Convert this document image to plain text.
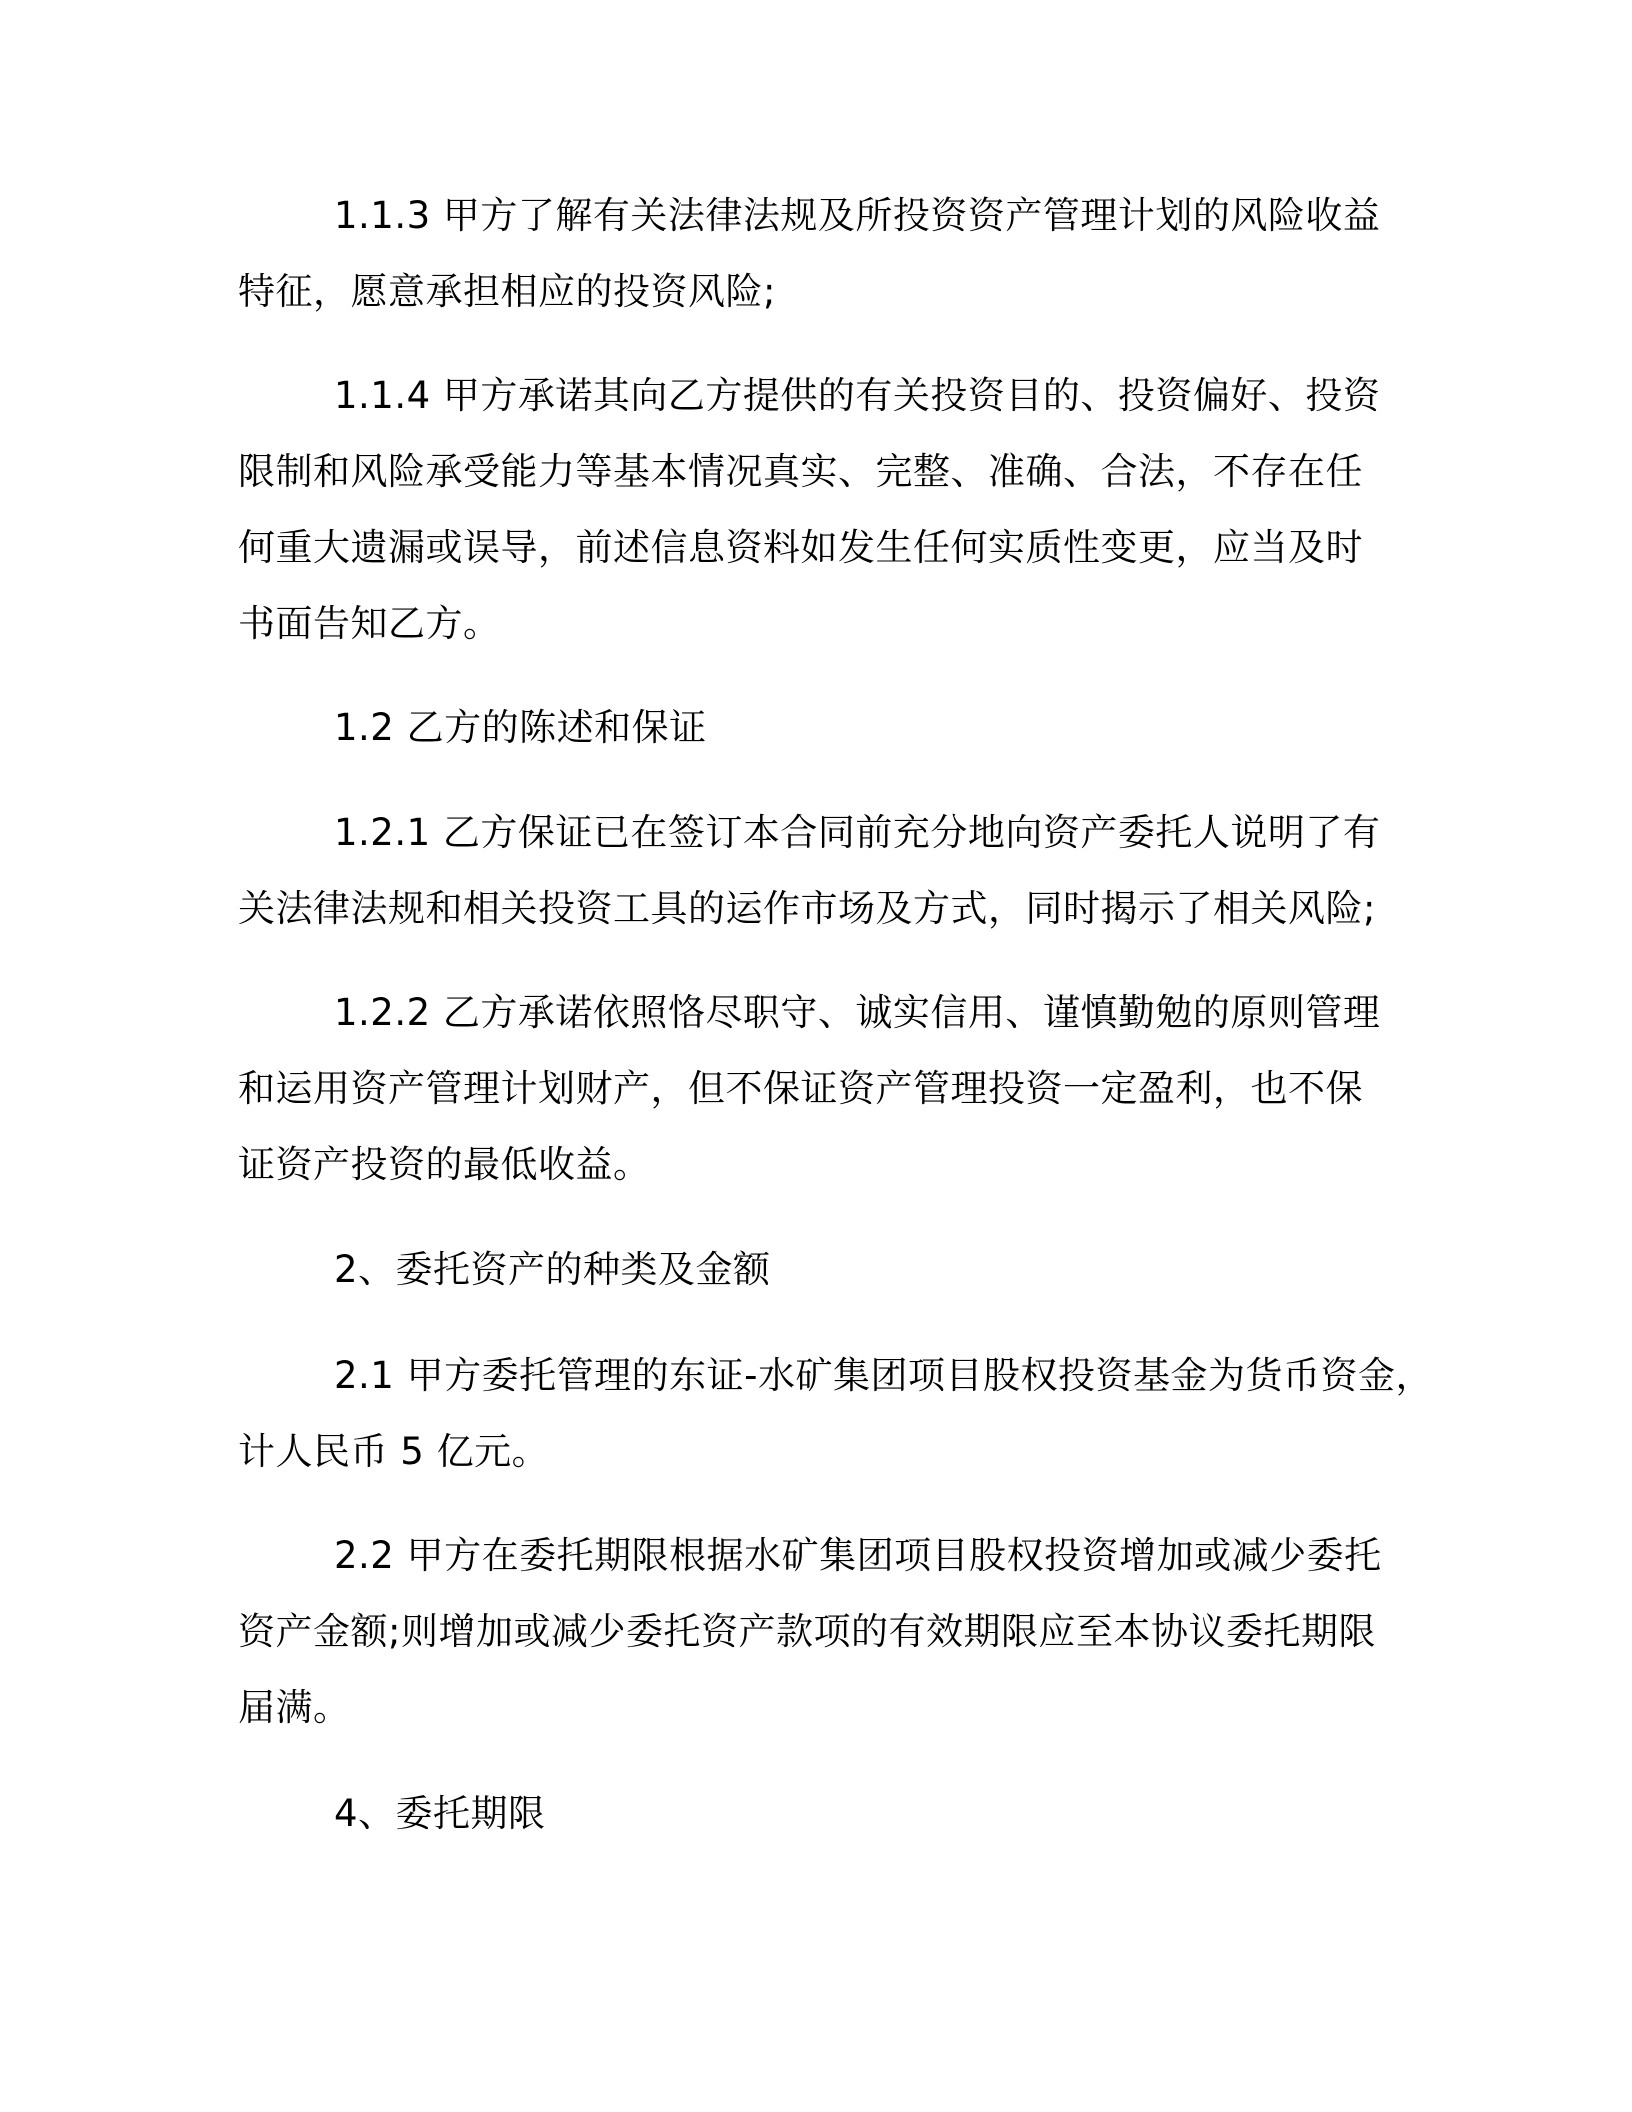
1.1.3 甲方了解有关法律法规及所投资资产管理计划的风险收益
特征，愿意承担相应的投资风险;
1.1.4 甲方承诺其向乙方提供的有关投资目的、投资偏好、投资
限制和风险承受能力等基本情况真实、完整、准确、合法，不存在任
何重大遗漏或误导，前述信息资料如发生任何实质性变更，应当及时
书面告知乙方。
1.2 乙方的陈述和保证
1.2.1 乙方保证已在签订本合同前充分地向资产委托人说明了有
关法律法规和相关投资工具的运作市场及方式，同时揭示了相关风险;
1.2.2 乙方承诺依照恪尽职守、诚实信用、谨慎勤勉的原则管理
和运用资产管理计划财产，但不保证资产管理投资一定盈利，也不保
证资产投资的最低收益。
2、委托资产的种类及金额
2.1 甲方委托管理的东证-水矿集团项目股权投资基金为货币资金，
计人民币 5 亿元。
2.2 甲方在委托期限根据水矿集团项目股权投资增加或减少委托
资产金额;则增加或减少委托资产款项的有效期限应至本协议委托期限
届满。
4、委托期限
